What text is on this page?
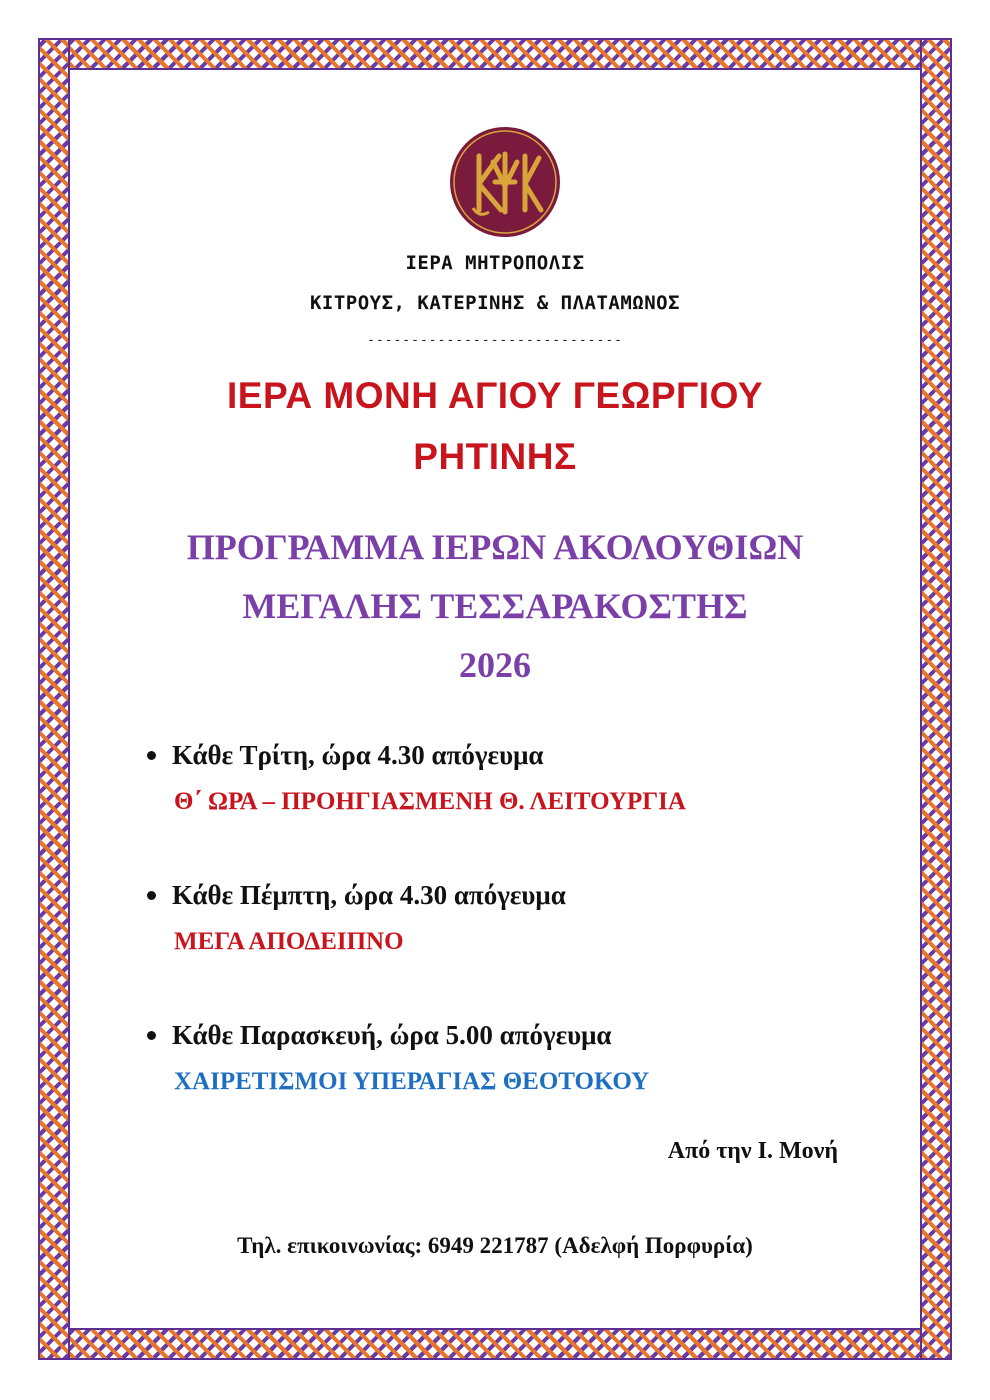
ΙΕΡΑ ΜΗΤΡΟΠΟΛΙΣ

ΚΙΤΡΟΥΣ, ΚΑΤΕΡΙΝΗΣ & ΠΛΑΤΑΜΩΝΟΣ

-----------------------------

ΙΕΡΑ ΜΟΝΗ ΑΓΙΟΥ ΓΕΩΡΓΙΟΥ

ΡΗΤΙΝΗΣ

ΠΡΟΓΡΑΜΜΑ ΙΕΡΩΝ ΑΚΟΛΟΥΘΙΩΝ

ΜΕΓΑΛΗΣ ΤΕΣΣΑΡΑΚΟΣΤΗΣ

2026

Κάθε Τρίτη, ώρα 4.30 απόγευμα
Θ΄ ΩΡΑ – ΠΡΟΗΓΙΑΣΜΕΝΗ Θ. ΛΕΙΤΟΥΡΓΙΑ
Κάθε Πέμπτη, ώρα 4.30 απόγευμα
ΜΕΓΑ ΑΠΟΔΕΙΠΝΟ
Κάθε Παρασκευή, ώρα 5.00 απόγευμα
ΧΑΙΡΕΤΙΣΜΟΙ ΥΠΕΡΑΓΙΑΣ ΘΕΟΤΟΚΟΥ

Από την Ι. Μονή

Τηλ. επικοινωνίας: 6949 221787 (Αδελφή Πορφυρία)
